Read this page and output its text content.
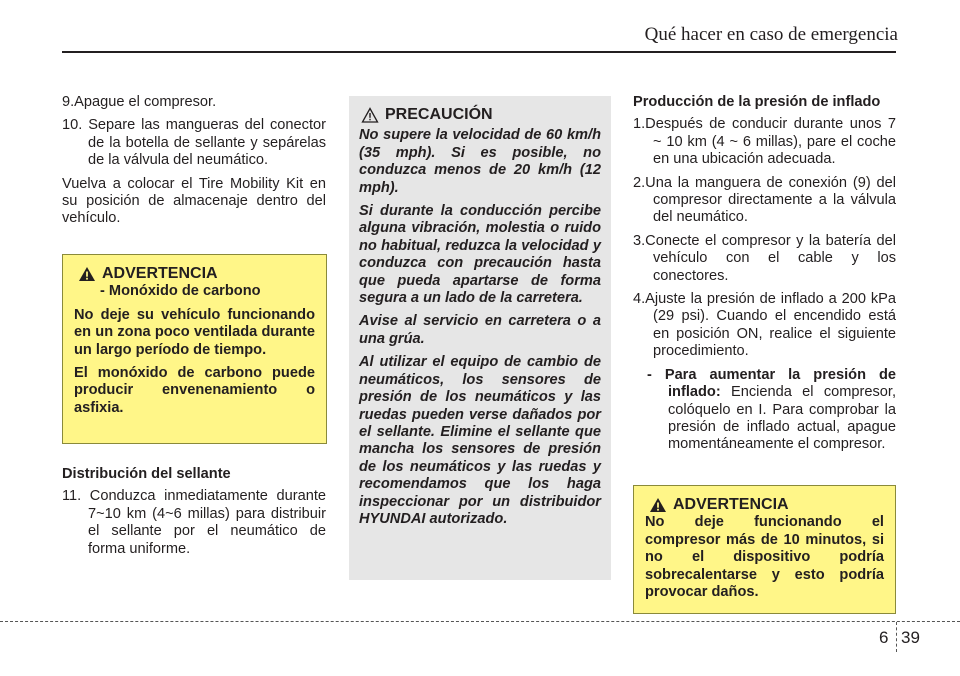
Qué hacer en caso de emergencia

9.Apague el compresor.

10. Separe las mangueras del conector de la botella de sellante y sepárelas de la válvula del neumático.

Vuelva a colocar el Tire Mobility Kit en su posición de almacenaje dentro del vehículo.

ADVERTENCIA
- Monóxido de carbono

No deje su vehículo funcionando en un zona poco ventilada durante un largo período de tiempo.

El monóxido de carbono puede producir envenenamiento o asfixia.

Distribución del sellante

11. Conduzca inmediatamente durante 7~10 km (4~6 millas) para distribuir el sellante por el neumático de forma uniforme.

PRECAUCIÓN

No supere la velocidad de 60 km/h (35 mph). Si es posible, no conduzca menos de 20 km/h (12 mph).

Si durante la conducción percibe alguna vibración, molestia o ruido no habitual, reduzca la velocidad y conduzca con precaución hasta que pueda apartarse de forma segura a un lado de la carretera.

Avise al servicio en carretera o a una grúa.

Al utilizar el equipo de cambio de neumáticos, los sensores de presión de los neumáticos y las ruedas pueden verse dañados por el sellante. Elimine el sellante que mancha los sensores de presión de los neumáticos y las ruedas y recomendamos que los haga inspeccionar por un distribuidor HYUNDAI autorizado.

Producción de la presión de inflado

1.Después de conducir durante unos 7 ~ 10 km (4 ~ 6 millas), pare el coche en una ubicación adecuada.

2.Una la manguera de conexión (9) del compresor directamente a la válvula del neumático.

3.Conecte el compresor y la batería del vehículo con el cable y los conectores.

4.Ajuste la presión de inflado a 200 kPa (29 psi). Cuando el encendido está en posición ON, realice el siguiente procedimiento.

- Para aumentar la presión de inflado: Encienda el compresor, colóquelo en I. Para comprobar la presión de inflado actual, apague momentáneamente el compresor.

ADVERTENCIA

No deje funcionando el compresor más de 10 minutos, si no el dispositivo podría sobrecalentarse y esto podría provocar daños.

6 39
